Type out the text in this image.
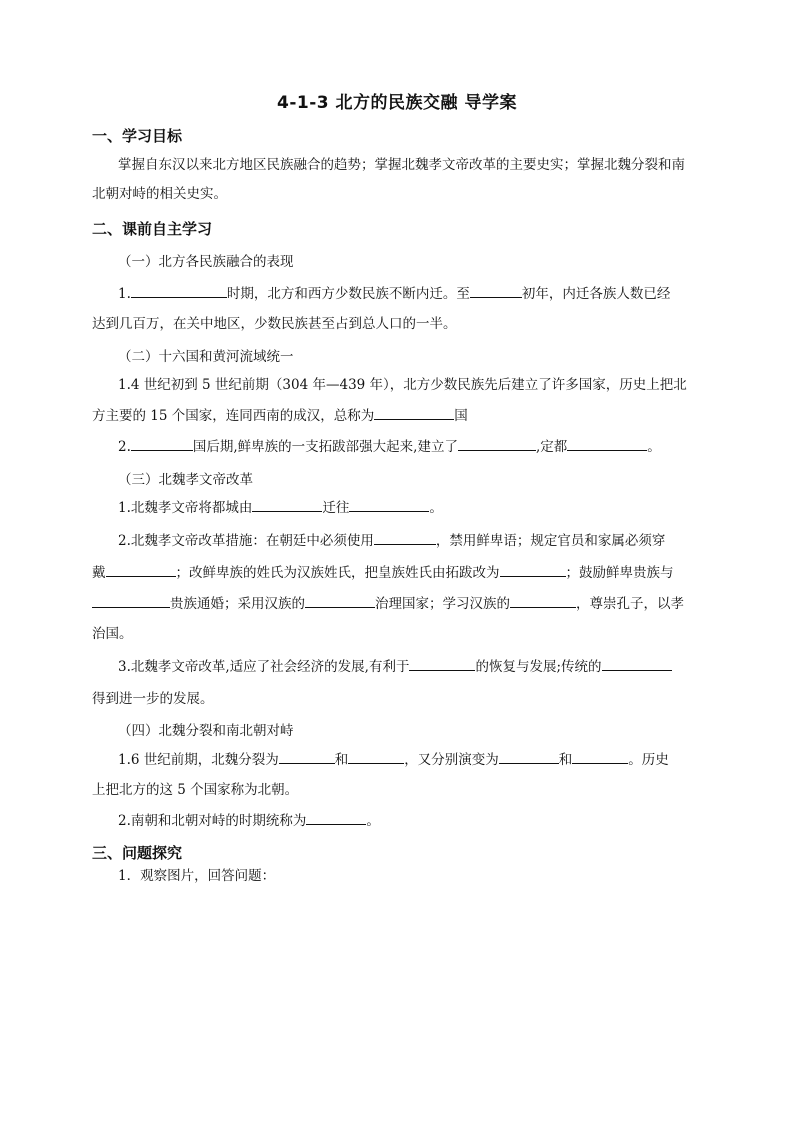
4-1-3 北方的民族交融 导学案
一、学习目标
掌握自东汉以来北方地区民族融合的趋势；掌握北魏孝文帝改革的主要史实；掌握北魏分裂和南
北朝对峙的相关史实。
二、课前自主学习
（一）北方各民族融合的表现
1.	时期，北方和西方少数民族不断内迁。至	初年，内迁各族人数已经
达到几百万，在关中地区，少数民族甚至占到总人口的一半。
（二）十六国和黄河流域统一
1.4 世纪初到 5 世纪前期（304 年—439 年），北方少数民族先后建立了许多国家，历史上把北
方主要的 15 个国家，连同西南的成汉，总称为	国
2.	国后期,鲜卑族的一支拓跋部强大起来,建立了	,定都	。
（三）北魏孝文帝改革
1.北魏孝文帝将都城由	迁往	。
2.北魏孝文帝改革措施：在朝廷中必须使用	，禁用鲜卑语；规定官员和家属必须穿
戴	；改鲜卑族的姓氏为汉族姓氏，把皇族姓氏由拓跋改为	；鼓励鲜卑贵族与
贵族通婚；采用汉族的	治理国家；学习汉族的	，尊崇孔子，以孝
治国。
3.北魏孝文帝改革,适应了社会经济的发展,有利于	的恢复与发展;传统的
得到进一步的发展。
（四）北魏分裂和南北朝对峙
1.6 世纪前期，北魏分裂为	和	，又分别演变为	和	。历史
上把北方的这 5 个国家称为北朝。
2.南朝和北朝对峙的时期统称为	。
三、问题探究
1．观察图片，回答问题：
